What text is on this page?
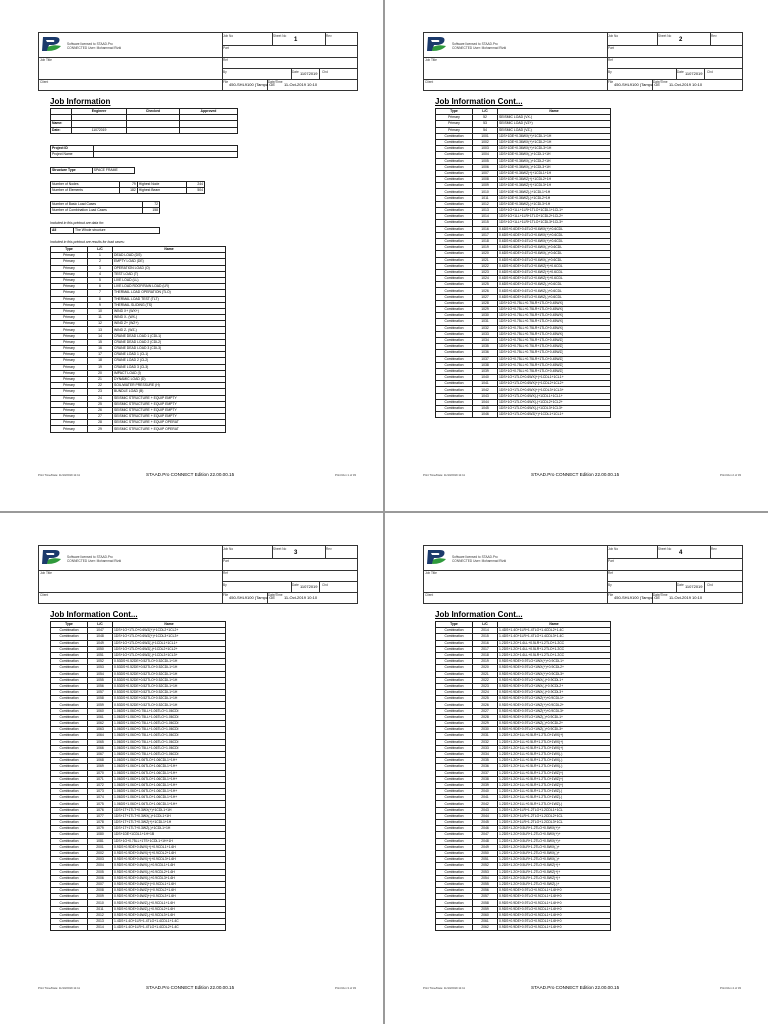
Software licensed to STAAD.Pro
CONNECTED User: Mohammad Rizki
Job No	Sheet No
1
Rev
Part
Job Title	Ref
By	Date 11072019 Chd
Client	File 450-SHL9100 (Tampa GE
Date/Time 11-Oct-2019 10:10
Job Information
Print Time/Date: 11/10/2019 11:11	STAAD.Pro CONNECT Edition 22.00.00.15	Print Run 1 of 33
	Engineer	Checked	Approved

Name:			
Date:	11072019		
Project ID	
Project Name	
Structure Type	SPACE FRAME
Number of Nodes	79	Highest Node	244
Number of Elements	182	Highest Beam	504
Number of Basic Load Cases	72
Number of Combination Load Cases	158
Included in this printout are data for:
All	The Whole structure
Included in this printout are results for load cases:
Type	L/C	Name
Primary	1	DEAD LOAD (DS)
Primary	2	EMPTY LOAD (DE)
Primary	3	OPERATION LOAD (O)
Primary	4	TEST LOAD (T)
Primary	5	LIVE LOAD (LL)
Primary	6	LIVE LOAD ROOF/RAIN LOAD (LR)
Primary	7	THERMAL LOAD OPERATION (TLO)
Primary	8	THERMAL LOAD TEST (TLT)
Primary	9	THERMAL SLIDING (TS)
Primary	10	WIND X+ (WX+)
Primary	11	WIND X- (WX-)
Primary	12	WIND Z+ (WZ+)
Primary	13	WIND Z- (WZ-)
Primary	14	CRANE DEAD LOAD 1 (CDL1)
Primary	15	CRANE DEAD LOAD 2 (CDL2)
Primary	16	CRANE DEAD LOAD 3 (CDL3)
Primary	17	CRANE LOAD 1 (CL1)
Primary	18	CRANE LOAD 2 (CL2)
Primary	19	CRANE LOAD 3 (CL3)
Primary	20	IMPACT LOAD (I)
Primary	21	DYNAMIC LOAD (D)
Primary	22	SOIL/WATER PRESSURE (H)
Primary	23	BUNDLE LOAD (B)
Primary	24	SEISMIC STRUCTURE + EQUIP EMPTY
Primary	25	SEISMIC STRUCTURE + EQUIP EMPTY
Primary	26	SEISMIC STRUCTURE + EQUIP EMPTY
Primary	27	SEISMIC STRUCTURE + EQUIP EMPTY
Primary	28	SEISMIC STRUCTURE + EQUIP OPERAT
Primary	29	SEISMIC STRUCTURE + EQUIP OPERAT
Software licensed to STAAD.Pro
CONNECTED User: Mohammad Rizki
Job No	Sheet No
2
Rev
Part
Job Title	Ref
By	Date 11072019 Chd
Client	File 450-SHL9100 (Tampa GE
Date/Time 11-Oct-2019 10:10
Job Information Cont...
Print Time/Date: 11/10/2019 11:11	STAAD.Pro CONNECT Edition 22.00.00.15	Print Run 2 of 33
Type	L/C	Name
Primary	52	SEISMIC LOAD (VX-)
Primary	53	SEISMIC LOAD (VZ+)
Primary	54	SEISMIC LOAD (VZ-)
Combination	1001	1DS+1DE+0.36WX(+)+1CDL1+1H
Combination	1002	1DS+1DE+0.36WX(+)+1CDL2+1H
Combination	1003	1DS+1DE+0.36WX(+)+1CDL3+1H
Combination	1004	1DS+1DE+0.36WX(-)+1CDL1+1H
Combination	1005	1DS+1DE+0.36WX(-)+1CDL2+1H
Combination	1006	1DS+1DE+0.36WX(-)+1CDL3+1H
Combination	1007	1DS+1DE+0.36WZ(+)+1CDL1+1H
Combination	1008	1DS+1DE+0.36WZ(+)+1CDL2+1H
Combination	1009	1DS+1DE+0.36WZ(+)+1CDL3+1H
Combination	1010	1DS+1DE+0.36WZ(-)+1CDL1+1H
Combination	1011	1DS+1DE+0.36WZ(-)+1CDL2+1H
Combination	1012	1DS+1DE+0.36WZ(-)+1CDL3+1H
Combination	1013	1DS+1O+1LL+1LR+1TLO+1CDL1+1CL1+
Combination	1014	1DS+1O+1LL+1LR+1TLO+1CDL2+1CL2+
Combination	1015	1DS+1O+1LL+1LR+1TLO+1CDL3+1CL3+
Combination	1016	0.6DS+0.6DE+0.6TLO+0.6WX(+)+0.6CDL
Combination	1017	0.6DS+0.6DE+0.6TLO+0.6WX(+)+0.6CDL
Combination	1018	0.6DS+0.6DE+0.6TLO+0.6WX(+)+0.6CDL
Combination	1019	0.6DS+0.6DE+0.6TLO+0.6WX(-)+0.6CDL
Combination	1020	0.6DS+0.6DE+0.6TLO+0.6WX(-)+0.6CDL
Combination	1021	0.6DS+0.6DE+0.6TLO+0.6WX(-)+0.6CDL
Combination	1022	0.6DS+0.6DE+0.6TLO+0.6WZ(+)+0.6CDL
Combination	1023	0.6DS+0.6DE+0.6TLO+0.6WZ(+)+0.6CDL
Combination	1024	0.6DS+0.6DE+0.6TLO+0.6WZ(+)+0.6CDL
Combination	1025	0.6DS+0.6DE+0.6TLO+0.6WZ(-)+0.6CDL
Combination	1026	0.6DS+0.6DE+0.6TLO+0.6WZ(-)+0.6CDL
Combination	1027	0.6DS+0.6DE+0.6TLO+0.6WZ(-)+0.6CDL
Combination	1028	1DS+1O+0.75LL+0.75LR+1TLO+0.45WX(
Combination	1029	1DS+1O+0.75LL+0.75LR+1TLO+0.45WX(
Combination	1030	1DS+1O+0.75LL+0.75LR+1TLO+0.45WX(
Combination	1031	1DS+1O+0.75LL+0.75LR+1TLO+0.45WX(
Combination	1032	1DS+1O+0.75LL+0.75LR+1TLO+0.45WX(
Combination	1033	1DS+1O+0.75LL+0.75LR+1TLO+0.45WX(
Combination	1034	1DS+1O+0.75LL+0.75LR+1TLO+0.45WZ(
Combination	1035	1DS+1O+0.75LL+0.75LR+1TLO+0.45WZ(
Combination	1036	1DS+1O+0.75LL+0.75LR+1TLO+0.45WZ(
Combination	1037	1DS+1O+0.75LL+0.75LR+1TLO+0.45WZ(
Combination	1038	1DS+1O+0.75LL+0.75LR+1TLO+0.45WZ(
Combination	1039	1DS+1O+0.75LL+0.75LR+1TLO+0.45WZ(
Combination	1040	1DS+1O+1TLO+0.6WX(+)+1CDL1+1CL1+
Combination	1041	1DS+1O+1TLO+0.6WX(+)+1CDL2+1CL2+
Combination	1042	1DS+1O+1TLO+0.6WX(+)+1CDL3+1CL3+
Combination	1043	1DS+1O+1TLO+0.6WX(-)+1CDL1+1CL1+
Combination	1044	1DS+1O+1TLO+0.6WX(-)+1CDL2+1CL2+
Combination	1045	1DS+1O+1TLO+0.6WX(-)+1CDL3+1CL3+
Combination	1046	1DS+1O+1TLO+0.6WZ(+)+1CDL1+1CL1+
Software licensed to STAAD.Pro
CONNECTED User: Mohammad Rizki
Job No	Sheet No
3
Rev
Part
Job Title	Ref
By	Date 11072019 Chd
Client	File 450-SHL9100 (Tampa GE
Date/Time 11-Oct-2019 10:10
Job Information Cont...
Print Time/Date: 11/10/2019 11:11	STAAD.Pro CONNECT Edition 22.00.00.15	Print Run 3 of 33
Type	L/C	Name
Combination	1047	1DS+1O+1TLO+0.6WZ(+)+1CDL2+1CL2+
Combination	1048	1DS+1O+1TLO+0.6WZ(+)+1CDL3+1CL3+
Combination	1049	1DS+1O+1TLO+0.6WZ(-)+1CDL1+1CL1+
Combination	1050	1DS+1O+1TLO+0.6WZ(-)+1CDL2+1CL2+
Combination	1051	1DS+1O+1TLO+0.6WZ(-)+1CDL3+1CL3+
Combination	1052	0.53DS+0.52DE+0.52TLO+0.52CDL1+1H
Combination	1053	0.53DS+0.52DE+0.52TLO+0.52CDL1+1H
Combination	1054	0.53DS+0.52DE+0.52TLO+0.52CDL1+1H
Combination	1055	0.53DS+0.52DE+0.52TLO+0.52CDL1+1H
Combination	1056	0.53DS+0.52DE+0.52TLO+0.52CDL1+1H
Combination	1057	0.53DS+0.52DE+0.52TLO+0.52CDL1+1H
Combination	1058	0.53DS+0.52DE+0.52TLO+0.52CDL1+1H
Combination	1059	0.53DS+0.52DE+0.52TLO+0.52CDL1+1H
Combination	1060	1.06DS+1.06O+0.75LL+1.06TLO+1.06CDI
Combination	1061	1.06DS+1.06O+0.75LL+1.06TLO+1.06CDI
Combination	1062	1.06DS+1.06O+0.75LL+1.06TLO+1.06CDI
Combination	1063	1.06DS+1.06O+0.75LL+1.06TLO+1.06CDI
Combination	1064	1.06DS+1.06O+0.75LL+1.06TLO+1.06CDI
Combination	1065	1.06DS+1.06O+0.75LL+1.06TLO+1.06CDI
Combination	1066	1.06DS+1.06O+0.75LL+1.06TLO+1.06CDI
Combination	1067	1.06DS+1.06O+0.75LL+1.06TLO+1.06CDI
Combination	1068	1.06DS+1.06O+1.06TLO+1.06CDL1+1H+
Combination	1069	1.06DS+1.06O+1.06TLO+1.06CDL1+1H+
Combination	1070	1.06DS+1.06O+1.06TLO+1.06CDL1+1H+
Combination	1071	1.06DS+1.06O+1.06TLO+1.06CDL1+1H+
Combination	1072	1.06DS+1.06O+1.06TLO+1.06CDL1+1H+
Combination	1073	1.06DS+1.06O+1.06TLO+1.06CDL1+1H+
Combination	1074	1.06DS+1.06O+1.06TLO+1.06CDL1+1H+
Combination	1075	1.06DS+1.06O+1.06TLO+1.06CDL1+1H+
Combination	1076	1DS+1T+1TLT+0.3WX(+)+1CDL1+1H
Combination	1077	1DS+1T+1TLT+0.3WX(-)+1CDL1+1H
Combination	1078	1DS+1T+1TLT+0.3WZ(+)+1CDL1+1H
Combination	1079	1DS+1T+1TLT+0.3WZ(-)+1CDL1+1H
Combination	1080	1DS+1DE+1CDL1+1H+1B
Combination	1081	1DS+1O+0.75LL+1TS+1CDL1+1H+1H
Combination	2001	0.9DS+0.9DE+0.6WX(+)+0.9CDL1+1.6H
Combination	2002	0.9DS+0.9DE+0.6WX(+)+0.9CDL2+1.6H
Combination	2003	0.9DS+0.9DE+0.6WX(+)+0.9CDL3+1.6H
Combination	2004	0.9DS+0.9DE+0.6WX(-)+0.9CDL1+1.6H
Combination	2005	0.9DS+0.9DE+0.6WX(-)+0.9CDL2+1.6H
Combination	2006	0.9DS+0.9DE+0.6WX(-)+0.9CDL3+1.6H
Combination	2007	0.9DS+0.9DE+0.6WZ(+)+0.9CDL1+1.6H
Combination	2008	0.9DS+0.9DE+0.6WZ(+)+0.9CDL2+1.6H
Combination	2009	0.9DS+0.9DE+0.6WZ(+)+0.9CDL3+1.6H
Combination	2010	0.9DS+0.9DE+0.6WZ(-)+0.9CDL1+1.6H
Combination	2011	0.9DS+0.9DE+0.6WZ(-)+0.9CDL2+1.6H
Combination	2012	0.9DS+0.9DE+0.6WZ(-)+0.9CDL3+1.6H
Combination	2013	1.4DS+1.4O+1LR+1.4TLO+1.4CDL1+1.4C
Combination	2014	1.4DS+1.4O+1LR+1.4TLO+1.4CDL2+1.4C
Software licensed to STAAD.Pro
CONNECTED User: Mohammad Rizki
Job No	Sheet No
4
Rev
Part
Job Title	Ref
By	Date 11072019 Chd
Client	File 450-SHL9100 (Tampa GE
Date/Time 11-Oct-2019 10:10
Job Information Cont...
Print Time/Date: 11/10/2019 11:11	STAAD.Pro CONNECT Edition 22.00.00.15	Print Run 4 of 33
Type	L/C	Name
Combination	2014	1.4DS+1.4O+1LR+1.4TLO+1.4CDL2+1.4C
Combination	2015	1.4DS+1.4O+1LR+1.4TLO+1.4CDL3+1.4C
Combination	2016	1.2DS+1.2O+1.6LL+0.5LR+1.2TLO+1.2CC
Combination	2017	1.2DS+1.2O+1.6LL+0.5LR+1.2TLO+1.2CC
Combination	2018	1.2DS+1.2O+1.6LL+0.5LR+1.2TLO+1.2CC
Combination	2019	0.9DS+0.9DE+0.9TLO+1WX(+)+0.9CDL1+
Combination	2020	0.9DS+0.9DE+0.9TLO+1WX(+)+0.9CDL2+
Combination	2021	0.9DS+0.9DE+0.9TLO+1WX(+)+0.9CDL3+
Combination	2022	0.9DS+0.9DE+0.9TLO+1WX(-)+0.9CDL1+
Combination	2023	0.9DS+0.9DE+0.9TLO+1WX(-)+0.9CDL2+
Combination	2024	0.9DS+0.9DE+0.9TLO+1WX(-)+0.9CDL3+
Combination	2025	0.9DS+0.9DE+0.9TLO+1WZ(+)+0.9CDL1+
Combination	2026	0.9DS+0.9DE+0.9TLO+1WZ(+)+0.9CDL2+
Combination	2027	0.9DS+0.9DE+0.9TLO+1WZ(+)+0.9CDL3+
Combination	2028	0.9DS+0.9DE+0.9TLO+1WZ(-)+0.9CDL1+
Combination	2029	0.9DS+0.9DE+0.9TLO+1WZ(-)+0.9CDL2+
Combination	2030	0.9DS+0.9DE+0.9TLO+1WZ(-)+0.9CDL3+
Combination	2031	1.2DS+1.2O+1LL+0.5LR+1.2TLO+1WX(+)
Combination	2032	1.2DS+1.2O+1LL+0.5LR+1.2TLO+1WX(+)
Combination	2033	1.2DS+1.2O+1LL+0.5LR+1.2TLO+1WX(+)
Combination	2034	1.2DS+1.2O+1LL+0.5LR+1.2TLO+1WX(-)
Combination	2035	1.2DS+1.2O+1LL+0.5LR+1.2TLO+1WX(-)
Combination	2036	1.2DS+1.2O+1LL+0.5LR+1.2TLO+1WX(-)
Combination	2037	1.2DS+1.2O+1LL+0.5LR+1.2TLO+1WZ(+)
Combination	2038	1.2DS+1.2O+1LL+0.5LR+1.2TLO+1WZ(+)
Combination	2039	1.2DS+1.2O+1LL+0.5LR+1.2TLO+1WZ(+)
Combination	2040	1.2DS+1.2O+1LL+0.5LR+1.2TLO+1WZ(-)
Combination	2041	1.2DS+1.2O+1LL+0.5LR+1.2TLO+1WZ(-)
Combination	2042	1.2DS+1.2O+1LL+0.5LR+1.2TLO+1WZ(-)
Combination	2043	1.2DS+1.2O+1LR+1.2TLO+1.2CDL1+1CL
Combination	2044	1.2DS+1.2O+1LR+1.2TLO+1.2CDL2+1CL
Combination	2045	1.2DS+1.2O+1LR+1.2TLO+1.2CDL3+1CL
Combination	2046	1.2DS+1.2O+0.5LR+1.2TLO+0.5WX(+)+
Combination	2047	1.2DS+1.2O+0.5LR+1.2TLO+0.5WX(+)+
Combination	2048	1.2DS+1.2O+0.5LR+1.2TLO+0.5WX(+)+
Combination	2049	1.2DS+1.2O+0.5LR+1.2TLO+0.5WX(-)+
Combination	2050	1.2DS+1.2O+0.5LR+1.2TLO+0.5WX(-)+
Combination	2051	1.2DS+1.2O+0.5LR+1.2TLO+0.5WX(-)+
Combination	2052	1.2DS+1.2O+0.5LR+1.2TLO+0.5WZ(+)+
Combination	2053	1.2DS+1.2O+0.5LR+1.2TLO+0.5WZ(+)+
Combination	2054	1.2DS+1.2O+0.5LR+1.2TLO+0.5WZ(+)+
Combination	2055	1.2DS+1.2O+0.5LR+1.2TLO+0.5WZ(-)+
Combination	2056	0.9DS+0.9DE+0.9TLO+0.9CDL1+1.6H+0
Combination	2057	0.9DS+0.9DE+0.9TLO+0.9CDL1+1.6H+0
Combination	2058	0.9DS+0.9DE+0.9TLO+0.9CDL1+1.6H+0
Combination	2059	0.9DS+0.9DE+0.9TLO+0.9CDL1+1.6H+0
Combination	2060	0.9DS+0.9DE+0.9TLO+0.9CDL1+1.6H+0
Combination	2061	0.9DS+0.9DE+0.9TLO+0.9CDL1+1.6H+0
Combination	2062	0.9DS+0.9DE+0.9TLO+0.9CDL1+1.6H+0
